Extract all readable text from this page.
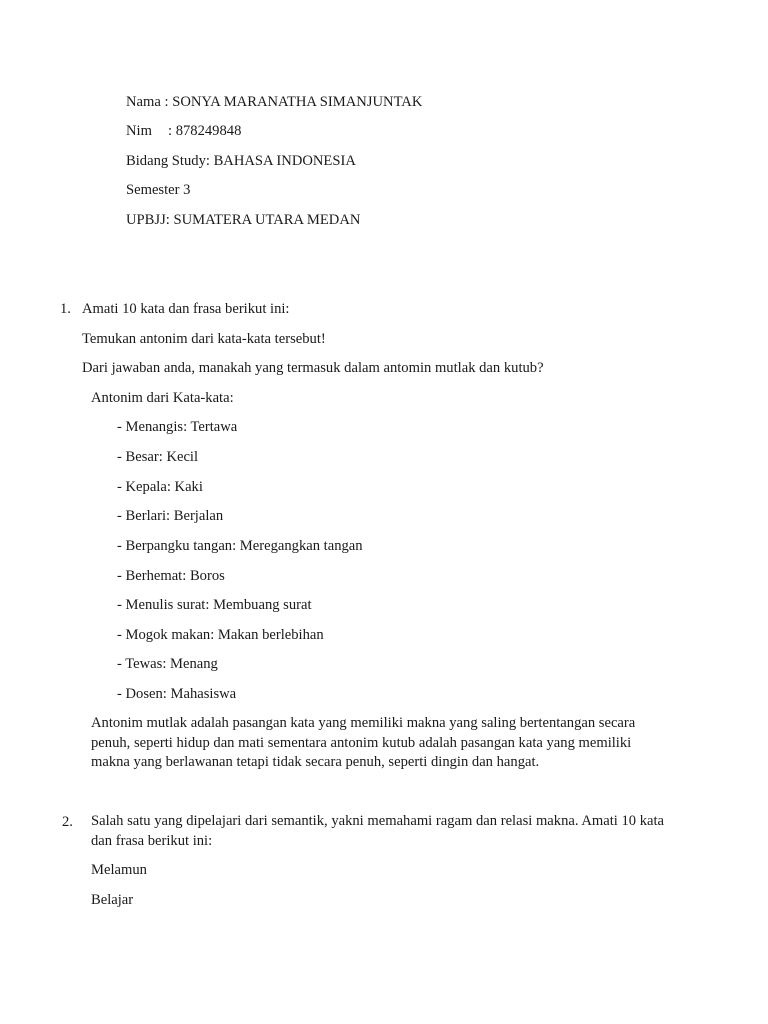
Nama : SONYA MARANATHA SIMANJUNTAK
Nim : 878249848
Bidang Study: BAHASA INDONESIA
Semester 3
UPBJJ: SUMATERA UTARA MEDAN
1. Amati 10 kata dan frasa berikut ini:
Temukan antonim dari kata-kata tersebut!
Dari jawaban anda, manakah yang termasuk dalam antomin mutlak dan kutub?
Antonim dari Kata-kata:
- Menangis: Tertawa
- Besar: Kecil
- Kepala: Kaki
- Berlari: Berjalan
- Berpangku tangan: Meregangkan tangan
- Berhemat: Boros
- Menulis surat: Membuang surat
- Mogok makan: Makan berlebihan
- Tewas: Menang
- Dosen: Mahasiswa
Antonim mutlak adalah pasangan kata yang memiliki makna yang saling bertentangan secara penuh, seperti hidup dan mati sementara antonim kutub adalah pasangan kata yang memiliki makna yang berlawanan tetapi tidak secara penuh, seperti dingin dan hangat.
2. Salah satu yang dipelajari dari semantik, yakni memahami ragam dan relasi makna. Amati 10 kata dan frasa berikut ini:
Melamun
Belajar
